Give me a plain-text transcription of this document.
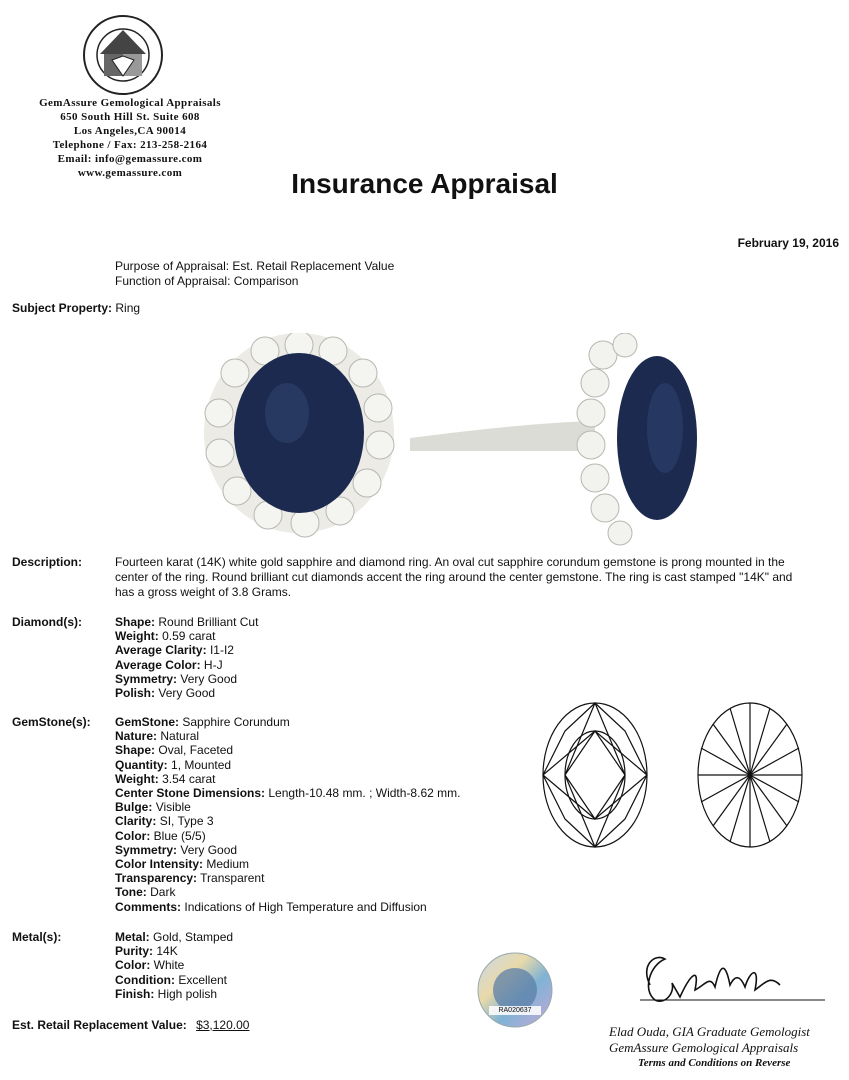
GemAssure Gemological Appraisals
650 South Hill St. Suite 608
Los Angeles,CA 90014
Telephone / Fax: 213-258-2164
Email: info@gemassure.com
www.gemassure.com	Insurance Appraisal
February 19, 2016
Purpose of Appraisal: Est. Retail Replacement Value
Function of Appraisal: Comparison
Subject Property: Ring
Description:	Fourteen karat (14K) white gold sapphire and diamond ring. An oval cut sapphire corundum gemstone is prong mounted in the center of the ring. Round brilliant cut diamonds accent the ring around the center gemstone. The ring is cast stamped "14K" and has a gross weight of 3.8 Grams.
Diamond(s):	Shape: Round Brilliant Cut
Weight: 0.59 carat
Average Clarity: I1-I2
Average Color: H-J
Symmetry: Very Good
Polish: Very Good
GemStone(s): GemStone: Sapphire Corundum
Nature: Natural
Shape: Oval, Faceted
Quantity: 1, Mounted
Weight: 3.54 carat
Center Stone Dimensions: Length-10.48 mm. ; Width-8.62 mm.
Bulge: Visible
Clarity: SI, Type 3
Color: Blue (5/5)
Symmetry: Very Good
Color Intensity: Medium
Transparency: Transparent
Tone: Dark
Comments: Indications of High Temperature and Diffusion
Metal(s):	Metal: Gold, Stamped
Purity: 14K
Color: White
Condition: Excellent
Finish: High polish
Est. Retail Replacement Value: $3,120.00
RA020637
Elad Ouda, GIA Graduate Gemologist
GemAssure Gemological Appraisals
Terms and Conditions on Reverse
